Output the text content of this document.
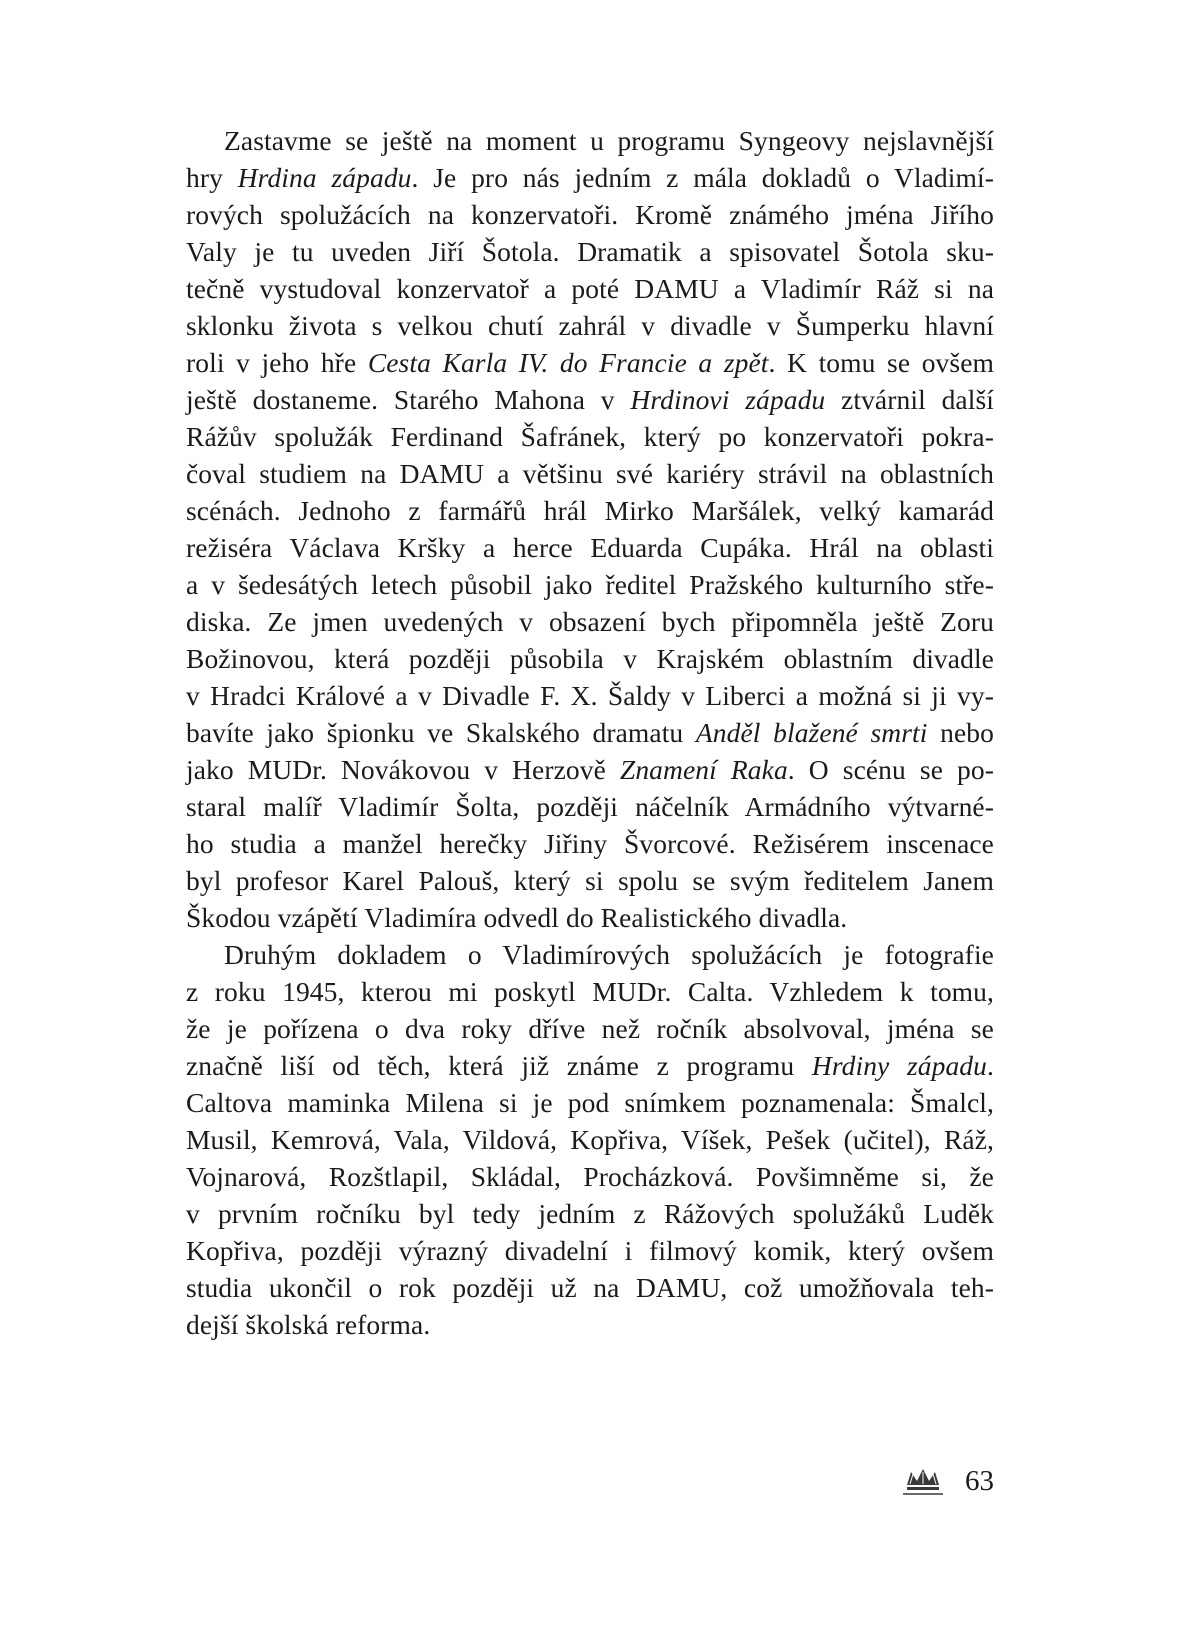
Zastavme se ještě na moment u programu Syngeovy nejslavnější
hry Hrdina západu. Je pro nás jedním z mála dokladů o Vladimí-
rových spolužácích na konzervatoři. Kromě známého jména Jiřího
Valy je tu uveden Jiří Šotola. Dramatik a spisovatel Šotola sku-
tečně vystudoval konzervatoř a poté DAMU a Vladimír Ráž si na
sklonku života s velkou chutí zahrál v divadle v Šumperku hlavní
roli v jeho hře Cesta Karla IV. do Francie a zpět. K tomu se ovšem
ještě dostaneme. Starého Mahona v Hrdinovi západu ztvárnil další
Rážův spolužák Ferdinand Šafránek, který po konzervatoři pokra-
čoval studiem na DAMU a většinu své kariéry strávil na oblastních
scénách. Jednoho z farmářů hrál Mirko Maršálek, velký kamarád
režiséra Václava Kršky a herce Eduarda Cupáka. Hrál na oblasti
a v šedesátých letech působil jako ředitel Pražského kulturního stře-
diska. Ze jmen uvedených v obsazení bych připomněla ještě Zoru
Božinovou, která později působila v Krajském oblastním divadle
v Hradci Králové a v Divadle F. X. Šaldy v Liberci a možná si ji vy-
bavíte jako špionku ve Skalského dramatu Anděl blažené smrti nebo
jako MUDr. Novákovou v Herzově Znamení Raka. O scénu se po-
staral malíř Vladimír Šolta, později náčelník Armádního výtvarné-
ho studia a manžel herečky Jiřiny Švorcové. Režisérem inscenace
byl profesor Karel Palouš, který si spolu se svým ředitelem Janem
Škodou vzápětí Vladimíra odvedl do Realistického divadla.
Druhým dokladem o Vladimírových spolužácích je fotografie
z roku 1945, kterou mi poskytl MUDr. Calta. Vzhledem k tomu,
že je pořízena o dva roky dříve než ročník absolvoval, jména se
značně liší od těch, která již známe z programu Hrdiny západu.
Caltova maminka Milena si je pod snímkem poznamenala: Šmalcl,
Musil, Kemrová, Vala, Vildová, Kopřiva, Víšek, Pešek (učitel), Ráž,
Vojnarová, Rozštlapil, Skládal, Procházková. Povšimněme si, že
v prvním ročníku byl tedy jedním z Rážových spolužáků Luděk
Kopřiva, později výrazný divadelní i filmový komik, který ovšem
studia ukončil o rok později už na DAMU, což umožňovala teh-
dejší školská reforma.
63
